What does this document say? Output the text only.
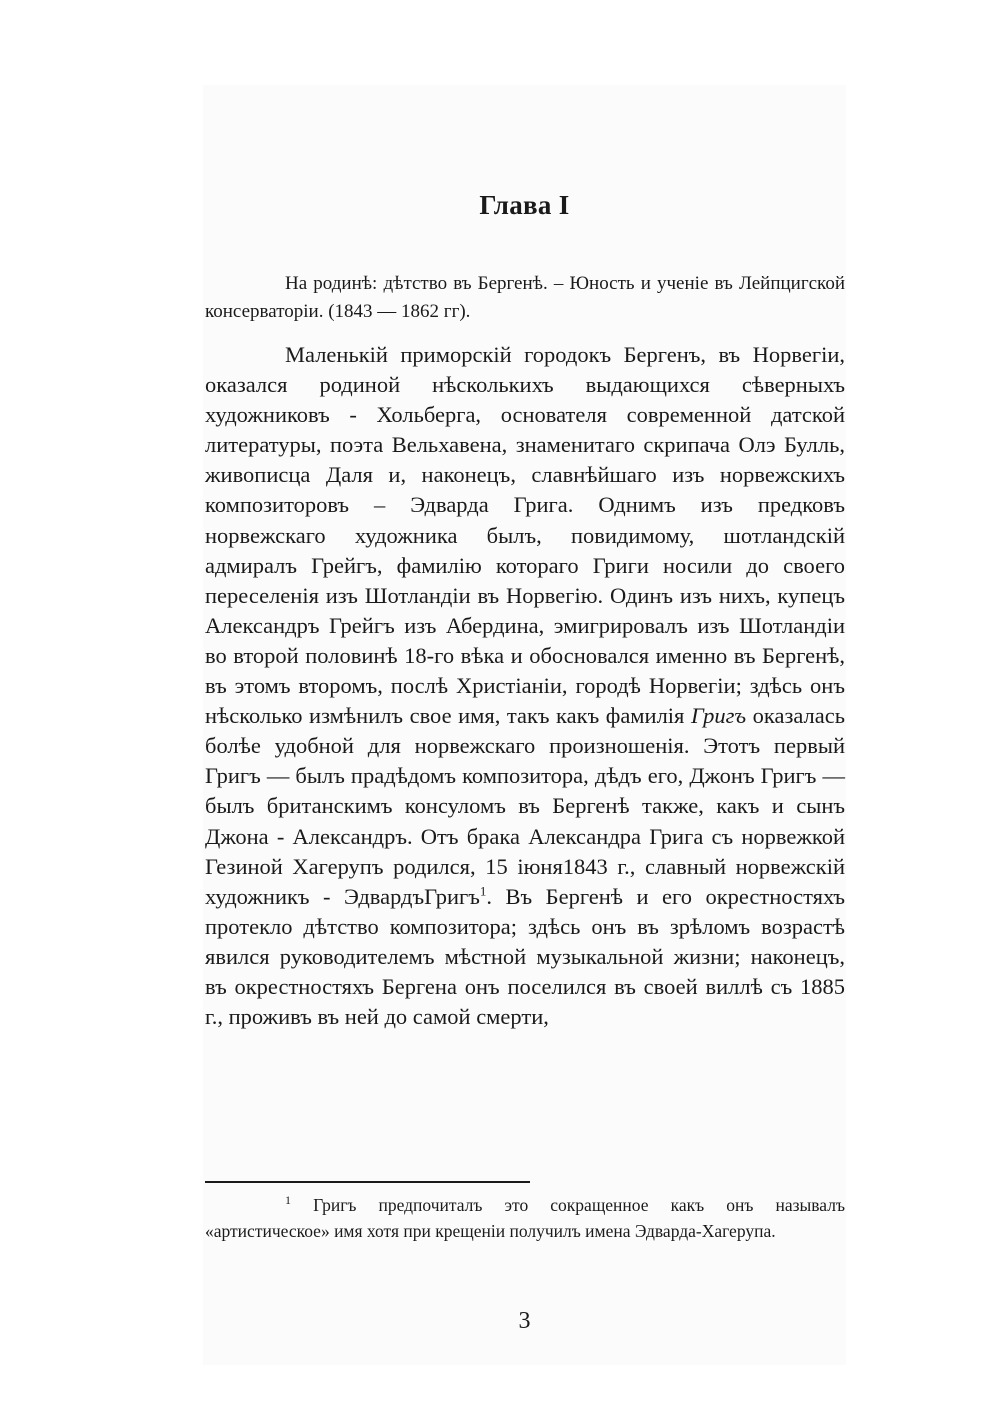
Глава I

На родинѣ: дѣтство въ Бергенѣ. – Юность и ученіе въ Лейпцигской консерваторіи. (1843 — 1862 гг).

Маленькій приморскій городокъ Бергенъ, въ Норвегіи, оказался родиной нѣсколькихъ выдающихся сѣверныхъ художниковъ - Хольберга, основателя современной датской литературы, поэта Вельхавена, знаменитаго скрипача Олэ Булль, живописца Даля и, наконецъ, славнѣйшаго изъ норвежскихъ композиторовъ – Эдварда Грига. Однимъ изъ предковъ норвежскаго художника былъ, повидимому, шотландскій адмиралъ Грейгъ, фамилію котораго Григи носили до своего переселенія изъ Шотландіи въ Норвегію. Одинъ изъ нихъ, купецъ Александръ Грейгъ изъ Абердина, эмигрировалъ изъ Шотландіи во второй половинѣ 18-го вѣка и обосновался именно въ Бергенѣ, въ этомъ второмъ, послѣ Христіаніи, городѣ Норвегіи; здѣсь онъ нѣсколько измѣнилъ свое имя, такъ какъ фамилія Григъ оказалась болѣе удобной для норвежскаго произношенія. Этотъ первый Григъ — былъ прадѣдомъ композитора, дѣдъ его, Джонъ Григъ — былъ британскимъ консуломъ въ Бергенѣ также, какъ и сынъ Джона - Александръ. Отъ брака Александра Грига съ норвежкой Гезиной Хагерупъ родился, 15 іюня1843 г., славный норвежскій художникъ - ЭдвардъГригъ$^1$. Въ Бергенѣ и его окрестностяхъ протекло дѣтство композитора; здѣсь онъ въ зрѣломъ возрастѣ явился руководителемъ мѣстной музыкальной жизни; наконецъ, въ окрестностяхъ Бергена онъ поселился въ своей виллѣ съ 1885 г., проживъ въ ней до самой смерти,

$^1$ Григъ предпочиталъ это сокращенное какъ онъ называлъ «артистическое» имя хотя при крещеніи получилъ имена Эдварда-Хагерупа.

3
